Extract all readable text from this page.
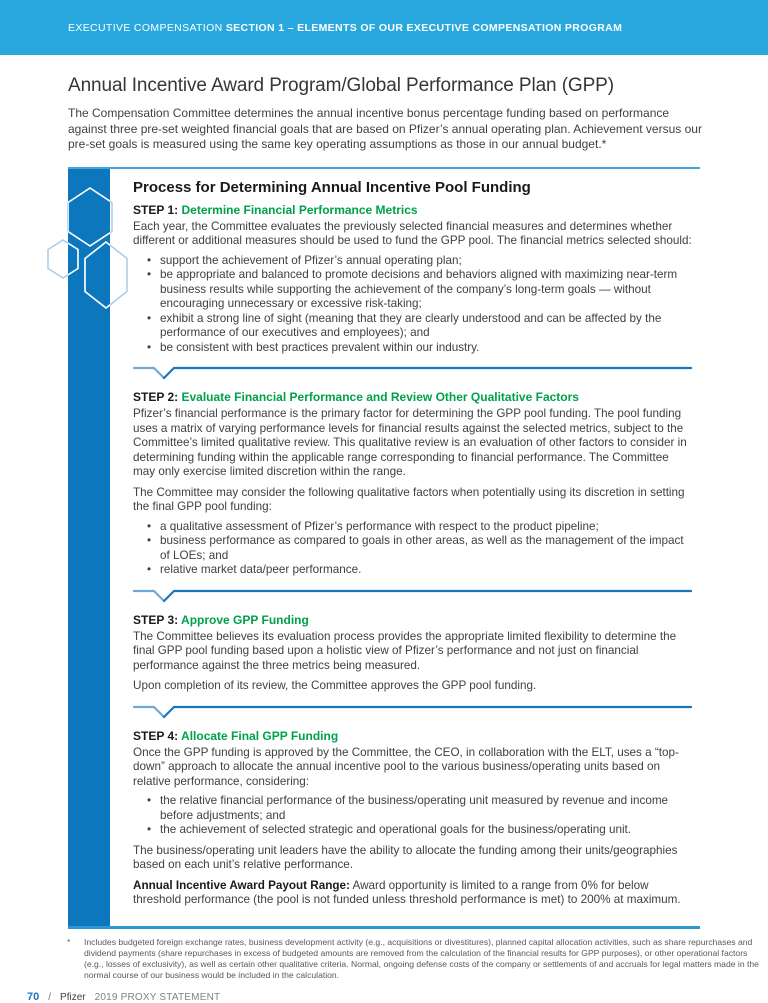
EXECUTIVE COMPENSATION SECTION 1 – ELEMENTS OF OUR EXECUTIVE COMPENSATION PROGRAM
Annual Incentive Award Program/Global Performance Plan (GPP)

The Compensation Committee determines the annual incentive bonus percentage funding based on performance against three pre-set weighted financial goals that are based on Pfizer’s annual operating plan. Achievement versus our pre-set goals is measured using the same key operating assumptions as those in our annual budget.*

Process for Determining Annual Incentive Pool Funding
STEP 1: Determine Financial Performance Metrics

Each year, the Committee evaluates the previously selected financial measures and determines whether different or additional measures should be used to fund the GPP pool. The financial metrics selected should:

• support the achievement of Pfizer’s annual operating plan;
• be appropriate and balanced to promote decisions and behaviors aligned with maximizing near-term business results while supporting the achievement of the company’s long-term goals — without encouraging unnecessary or excessive risk-taking;
• exhibit a strong line of sight (meaning that they are clearly understood and can be affected by the performance of our executives and employees); and
• be consistent with best practices prevalent within our industry.
STEP 2: Evaluate Financial Performance and Review Other Qualitative Factors

Pfizer’s financial performance is the primary factor for determining the GPP pool funding. The pool funding uses a matrix of varying performance levels for financial results against the selected metrics, subject to the Committee’s limited qualitative review. This qualitative review is an evaluation of other factors to consider in determining funding within the applicable range corresponding to financial performance. The Committee may only exercise limited discretion within the range.

The Committee may consider the following qualitative factors when potentially using its discretion in setting the final GPP pool funding:

• a qualitative assessment of Pfizer’s performance with respect to the product pipeline;
• business performance as compared to goals in other areas, as well as the management of the impact of LOEs; and
• relative market data/peer performance.
STEP 3: Approve GPP Funding

The Committee believes its evaluation process provides the appropriate limited flexibility to determine the final GPP pool funding based upon a holistic view of Pfizer’s performance and not just on financial performance against the three metrics being measured.

Upon completion of its review, the Committee approves the GPP pool funding.

STEP 4: Allocate Final GPP Funding

Once the GPP funding is approved by the Committee, the CEO, in collaboration with the ELT, uses a “top-down” approach to allocate the annual incentive pool to the various business/operating units based on relative performance, considering:

• the relative financial performance of the business/operating unit measured by revenue and income before adjustments; and
• the achievement of selected strategic and operational goals for the business/operating unit.

The business/operating unit leaders have the ability to allocate the funding among their units/geographies based on each unit’s relative performance.

Annual Incentive Award Payout Range: Award opportunity is limited to a range from 0% for below threshold performance (the pool is not funded unless threshold performance is met) to 200% at maximum.

*	Includes budgeted foreign exchange rates, business development activity (e.g., acquisitions or divestitures), planned capital allocation activities, such as share repurchases and dividend payments (share repurchases in excess of budgeted amounts are removed from the calculation of the financial results for GPP purposes), or other operational factors (e.g., losses of exclusivity), as well as certain other qualitative criteria. Normal, ongoing defense costs of the company or settlements of and accruals for legal matters made in the normal course of our business would be included in the calculation.
70 / Pfizer 2019 PROXY STATEMENT
